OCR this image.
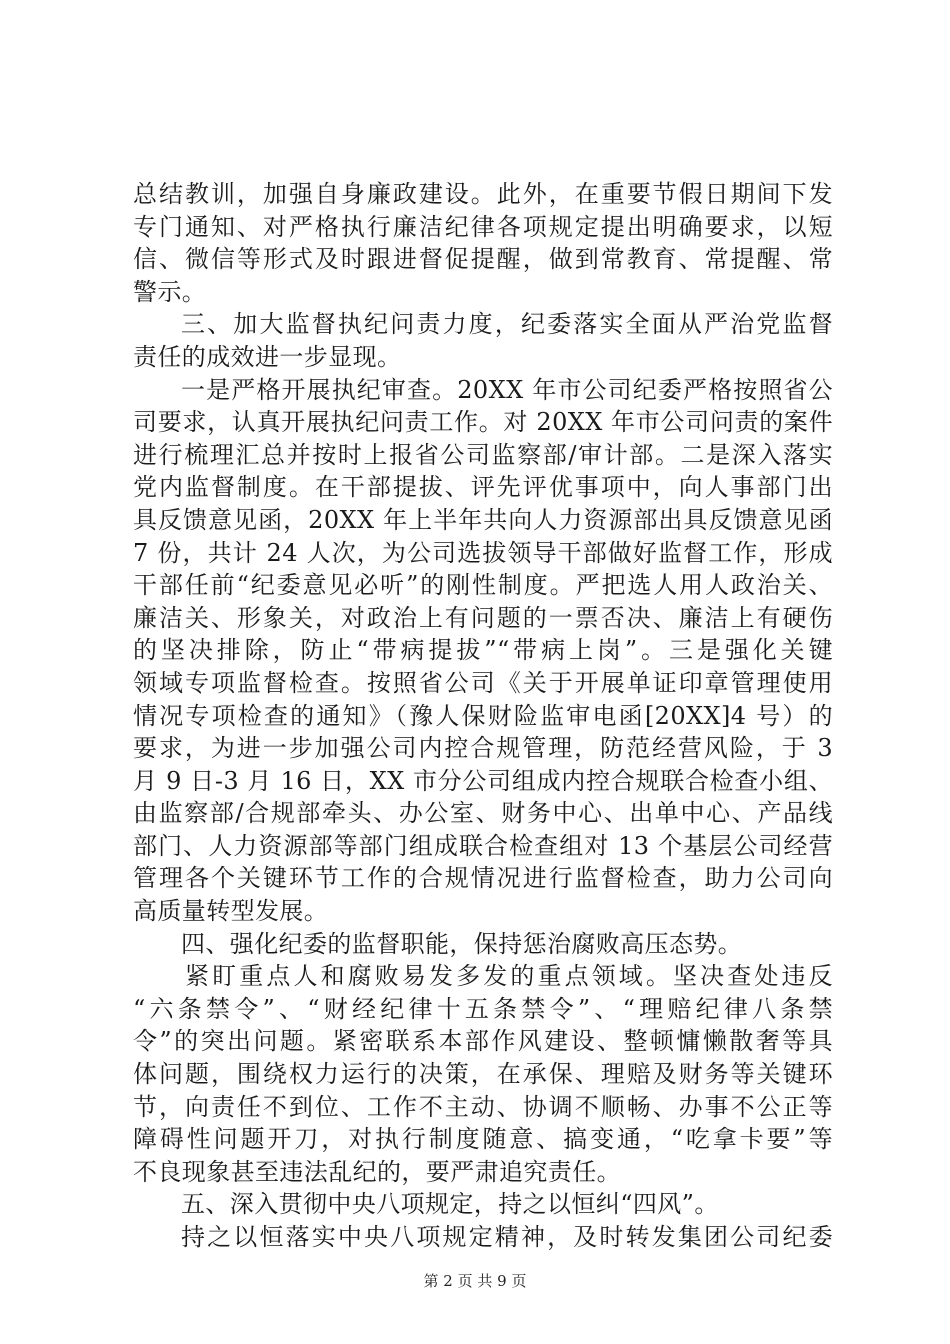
总结教训，加强自身廉政建设。此外，在重要节假日期间下发
专门通知、对严格执行廉洁纪律各项规定提出明确要求，以短
信、微信等形式及时跟进督促提醒，做到常教育、常提醒、常
警示。
三、加大监督执纪问责力度，纪委落实全面从严治党监督
责任的成效进一步显现。
一是严格开展执纪审查。20XX 年市公司纪委严格按照省公
司要求，认真开展执纪问责工作。对 20XX 年市公司问责的案件
进行梳理汇总并按时上报省公司监察部/审计部。二是深入落实
党内监督制度。在干部提拔、评先评优事项中，向人事部门出
具反馈意见函，20XX 年上半年共向人力资源部出具反馈意见函
7 份，共计 24 人次，为公司选拔领导干部做好监督工作，形成
干部任前“纪委意见必听”的刚性制度。严把选人用人政治关、
廉洁关、形象关，对政治上有问题的一票否决、廉洁上有硬伤
的坚决排除，防止“带病提拔”“带病上岗”。三是强化关键
领域专项监督检查。按照省公司《关于开展单证印章管理使用
情况专项检查的通知》（豫人保财险监审电函[20XX]4 号）的
要求，为进一步加强公司内控合规管理，防范经营风险，于 3
月 9 日-3 月 16 日，XX 市分公司组成内控合规联合检查小组、
由监察部/合规部牵头、办公室、财务中心、出单中心、产品线
部门、人力资源部等部门组成联合检查组对 13 个基层公司经营
管理各个关键环节工作的合规情况进行监督检查，助力公司向
高质量转型发展。
四、强化纪委的监督职能，保持惩治腐败高压态势。
紧盯重点人和腐败易发多发的重点领域。坚决查处违反
“六条禁令”、“财经纪律十五条禁令”、“理赔纪律八条禁
令”的突出问题。紧密联系本部作风建设、整顿慵懒散奢等具
体问题，围绕权力运行的决策，在承保、理赔及财务等关键环
节，向责任不到位、工作不主动、协调不顺畅、办事不公正等
障碍性问题开刀，对执行制度随意、搞变通，“吃拿卡要”等
不良现象甚至违法乱纪的，要严肃追究责任。
五、深入贯彻中央八项规定，持之以恒纠“四风”。
持之以恒落实中央八项规定精神，及时转发集团公司纪委
第 2 页 共 9 页
